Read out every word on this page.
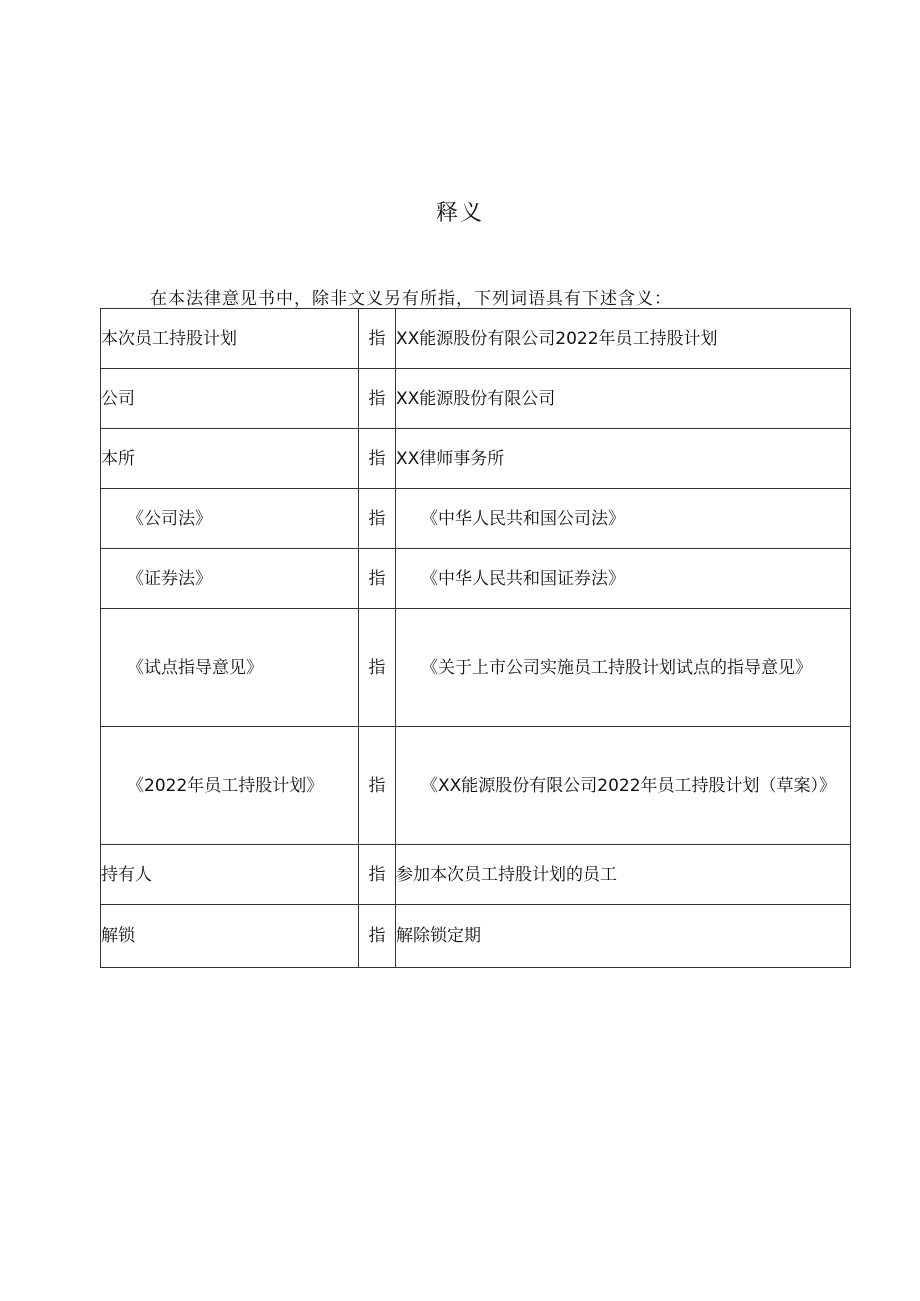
释义
在本法律意见书中，除非文义另有所指，下列词语具有下述含义：
本次员工持股计划	指	XX能源股份有限公司2022年员工持股计划
公司	指	XX能源股份有限公司
本所	指	XX律师事务所
《公司法》	指	《中华人民共和国公司法》
《证券法》	指	《中华人民共和国证券法》
《试点指导意见》	指	《关于上市公司实施员工持股计划试点的指导意见》
《2022年员工持股计划》	指	《XX能源股份有限公司2022年员工持股计划（草案）》
持有人	指	参加本次员工持股计划的员工
解锁	指	解除锁定期
